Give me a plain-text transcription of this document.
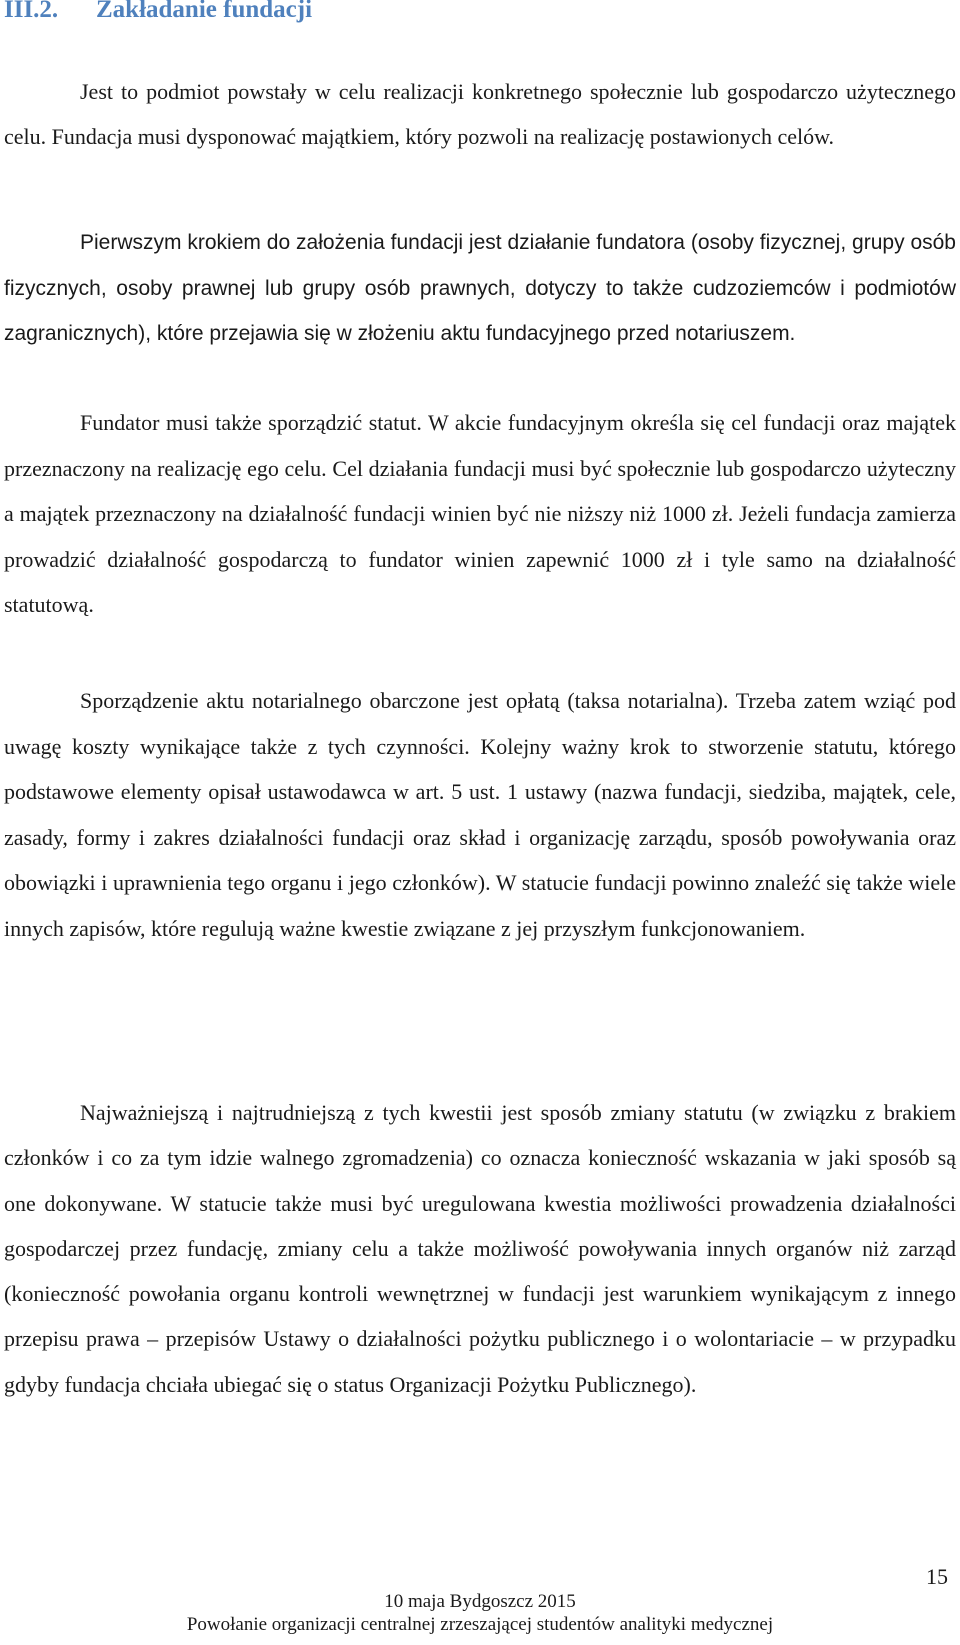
III.2. Zakładanie fundacji

Jest to podmiot powstały w celu realizacji konkretnego społecznie lub gospodarczo użytecznego celu. Fundacja musi dysponować majątkiem, który pozwoli na realizację postawionych celów.

Pierwszym krokiem do założenia fundacji jest działanie fundatora (osoby fizycznej, grupy osób fizycznych, osoby prawnej lub grupy osób prawnych, dotyczy to także cudzoziemców i podmiotów zagranicznych), które przejawia się w złożeniu aktu fundacyjnego przed notariuszem.

Fundator musi także sporządzić statut. W akcie fundacyjnym określa się cel fundacji oraz majątek przeznaczony na realizację ego celu. Cel działania fundacji musi być społecznie lub gospodarczo użyteczny a majątek przeznaczony na działalność fundacji winien być nie niższy niż 1000 zł. Jeżeli fundacja zamierza prowadzić działalność gospodarczą to fundator winien zapewnić 1000 zł i tyle samo na działalność statutową.

Sporządzenie aktu notarialnego obarczone jest opłatą (taksa notarialna). Trzeba zatem wziąć pod uwagę koszty wynikające także z tych czynności. Kolejny ważny krok to stworzenie statutu, którego podstawowe elementy opisał ustawodawca w art. 5 ust. 1 ustawy (nazwa fundacji, siedziba, majątek, cele, zasady, formy i zakres działalności fundacji oraz skład i organizację zarządu, sposób powoływania oraz obowiązki i uprawnienia tego organu i jego członków). W statucie fundacji powinno znaleźć się także wiele innych zapisów, które regulują ważne kwestie związane z jej przyszłym funkcjonowaniem.

Najważniejszą i najtrudniejszą z tych kwestii jest sposób zmiany statutu (w związku z brakiem członków i co za tym idzie walnego zgromadzenia) co oznacza konieczność wskazania w jaki sposób są one dokonywane. W statucie także musi być uregulowana kwestia możliwości prowadzenia działalności gospodarczej przez fundację, zmiany celu a także możliwość powoływania innych organów niż zarząd (konieczność powołania organu kontroli wewnętrznej w fundacji jest warunkiem wynikającym z innego przepisu prawa – przepisów Ustawy o działalności pożytku publicznego i o wolontariacie – w przypadku gdyby fundacja chciała ubiegać się o status Organizacji Pożytku Publicznego).

15
10 maja Bydgoszcz 2015
Powołanie organizacji centralnej zrzeszającej studentów analityki medycznej
